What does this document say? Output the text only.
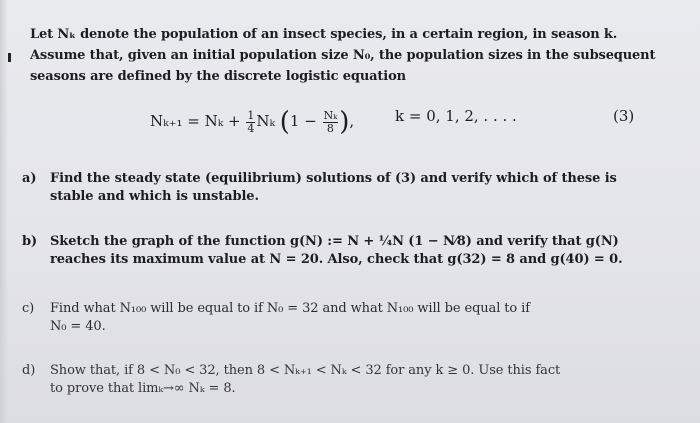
Let Nₖ denote the population of an insect species, in a certain region, in season k.
Assume that, given an initial population size N₀, the population sizes in the subsequent
seasons are defined by the discrete logistic equation
$N_{k+1} = N_k + \frac{1}{4}$ Nₖ ($1 - \frac{\text{Nₖ}}{8}$ ),	k = 0, 1, 2, . . . .	(3)
a) Find the steady state (equilibrium) solutions of (3) and verify which of these is
stable and which is unstable.
b) Sketch the graph of the function g(N) := N + ¼N (1 − N⁄8) and verify that g(N)
reaches its maximum value at N = 20. Also, check that g(32) = 8 and g(40) = 0.
c) Find what N₁₀₀ will be equal to if N₀ = 32 and what N₁₀₀ will be equal to if
N₀ = 40.
d) Show that, if 8 < N₀ < 32, then 8 < Nₖ₊₁ < Nₖ < 32 for any k ≥ 0. Use this fact
to prove that limₖ→∞ Nₖ = 8.
